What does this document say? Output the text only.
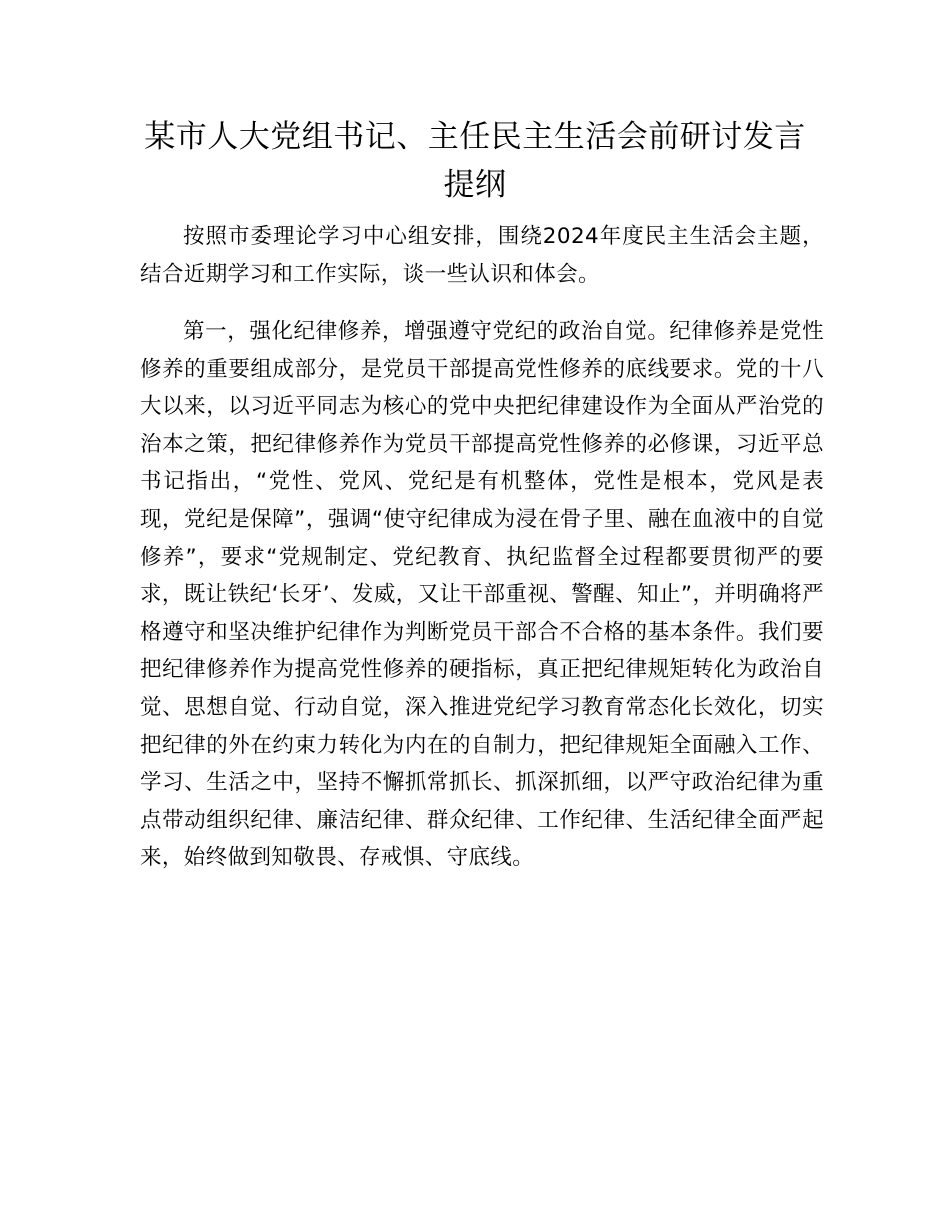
某市人大党组书记、主任民主生活会前研讨发言提纲

按照市委理论学习中心组安排，围绕2024年度民主生活会主题，结合近期学习和工作实际，谈一些认识和体会。

第一，强化纪律修养，增强遵守党纪的政治自觉。纪律修养是党性修养的重要组成部分，是党员干部提高党性修养的底线要求。党的十八大以来，以习近平同志为核心的党中央把纪律建设作为全面从严治党的治本之策，把纪律修养作为党员干部提高党性修养的必修课，习近平总书记指出，“党性、党风、党纪是有机整体，党性是根本，党风是表现，党纪是保障”，强调“使守纪律成为浸在骨子里、融在血液中的自觉修养”，要求“党规制定、党纪教育、执纪监督全过程都要贯彻严的要求，既让铁纪‘长牙’、发威，又让干部重视、警醒、知止”，并明确将严格遵守和坚决维护纪律作为判断党员干部合不合格的基本条件。我们要把纪律修养作为提高党性修养的硬指标，真正把纪律规矩转化为政治自觉、思想自觉、行动自觉，深入推进党纪学习教育常态化长效化，切实把纪律的外在约束力转化为内在的自制力，把纪律规矩全面融入工作、学习、生活之中，坚持不懈抓常抓长、抓深抓细，以严守政治纪律为重点带动组织纪律、廉洁纪律、群众纪律、工作纪律、生活纪律全面严起来，始终做到知敬畏、存戒惧、守底线。
